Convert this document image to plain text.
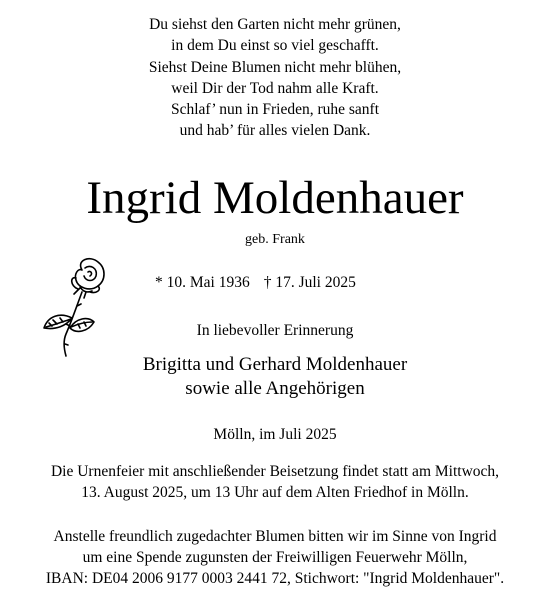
Du siehst den Garten nicht mehr grünen,
in dem Du einst so viel geschafft.
Siehst Deine Blumen nicht mehr blühen,
weil Dir der Tod nahm alle Kraft.
Schlaf’ nun in Frieden, ruhe sanft
und hab’ für alles vielen Dank.
Ingrid Moldenhauer
geb. Frank
* 10. Mai 1936 † 17. Juli 2025
In liebevoller Erinnerung
Brigitta und Gerhard Moldenhauer
sowie alle Angehörigen
Mölln, im Juli 2025
Die Urnenfeier mit anschließender Beisetzung findet statt am Mittwoch,
13. August 2025, um 13 Uhr auf dem Alten Friedhof in Mölln.
Anstelle freundlich zugedachter Blumen bitten wir im Sinne von Ingrid
um eine Spende zugunsten der Freiwilligen Feuerwehr Mölln,
IBAN: DE04 2006 9177 0003 2441 72, Stichwort: "Ingrid Moldenhauer".
